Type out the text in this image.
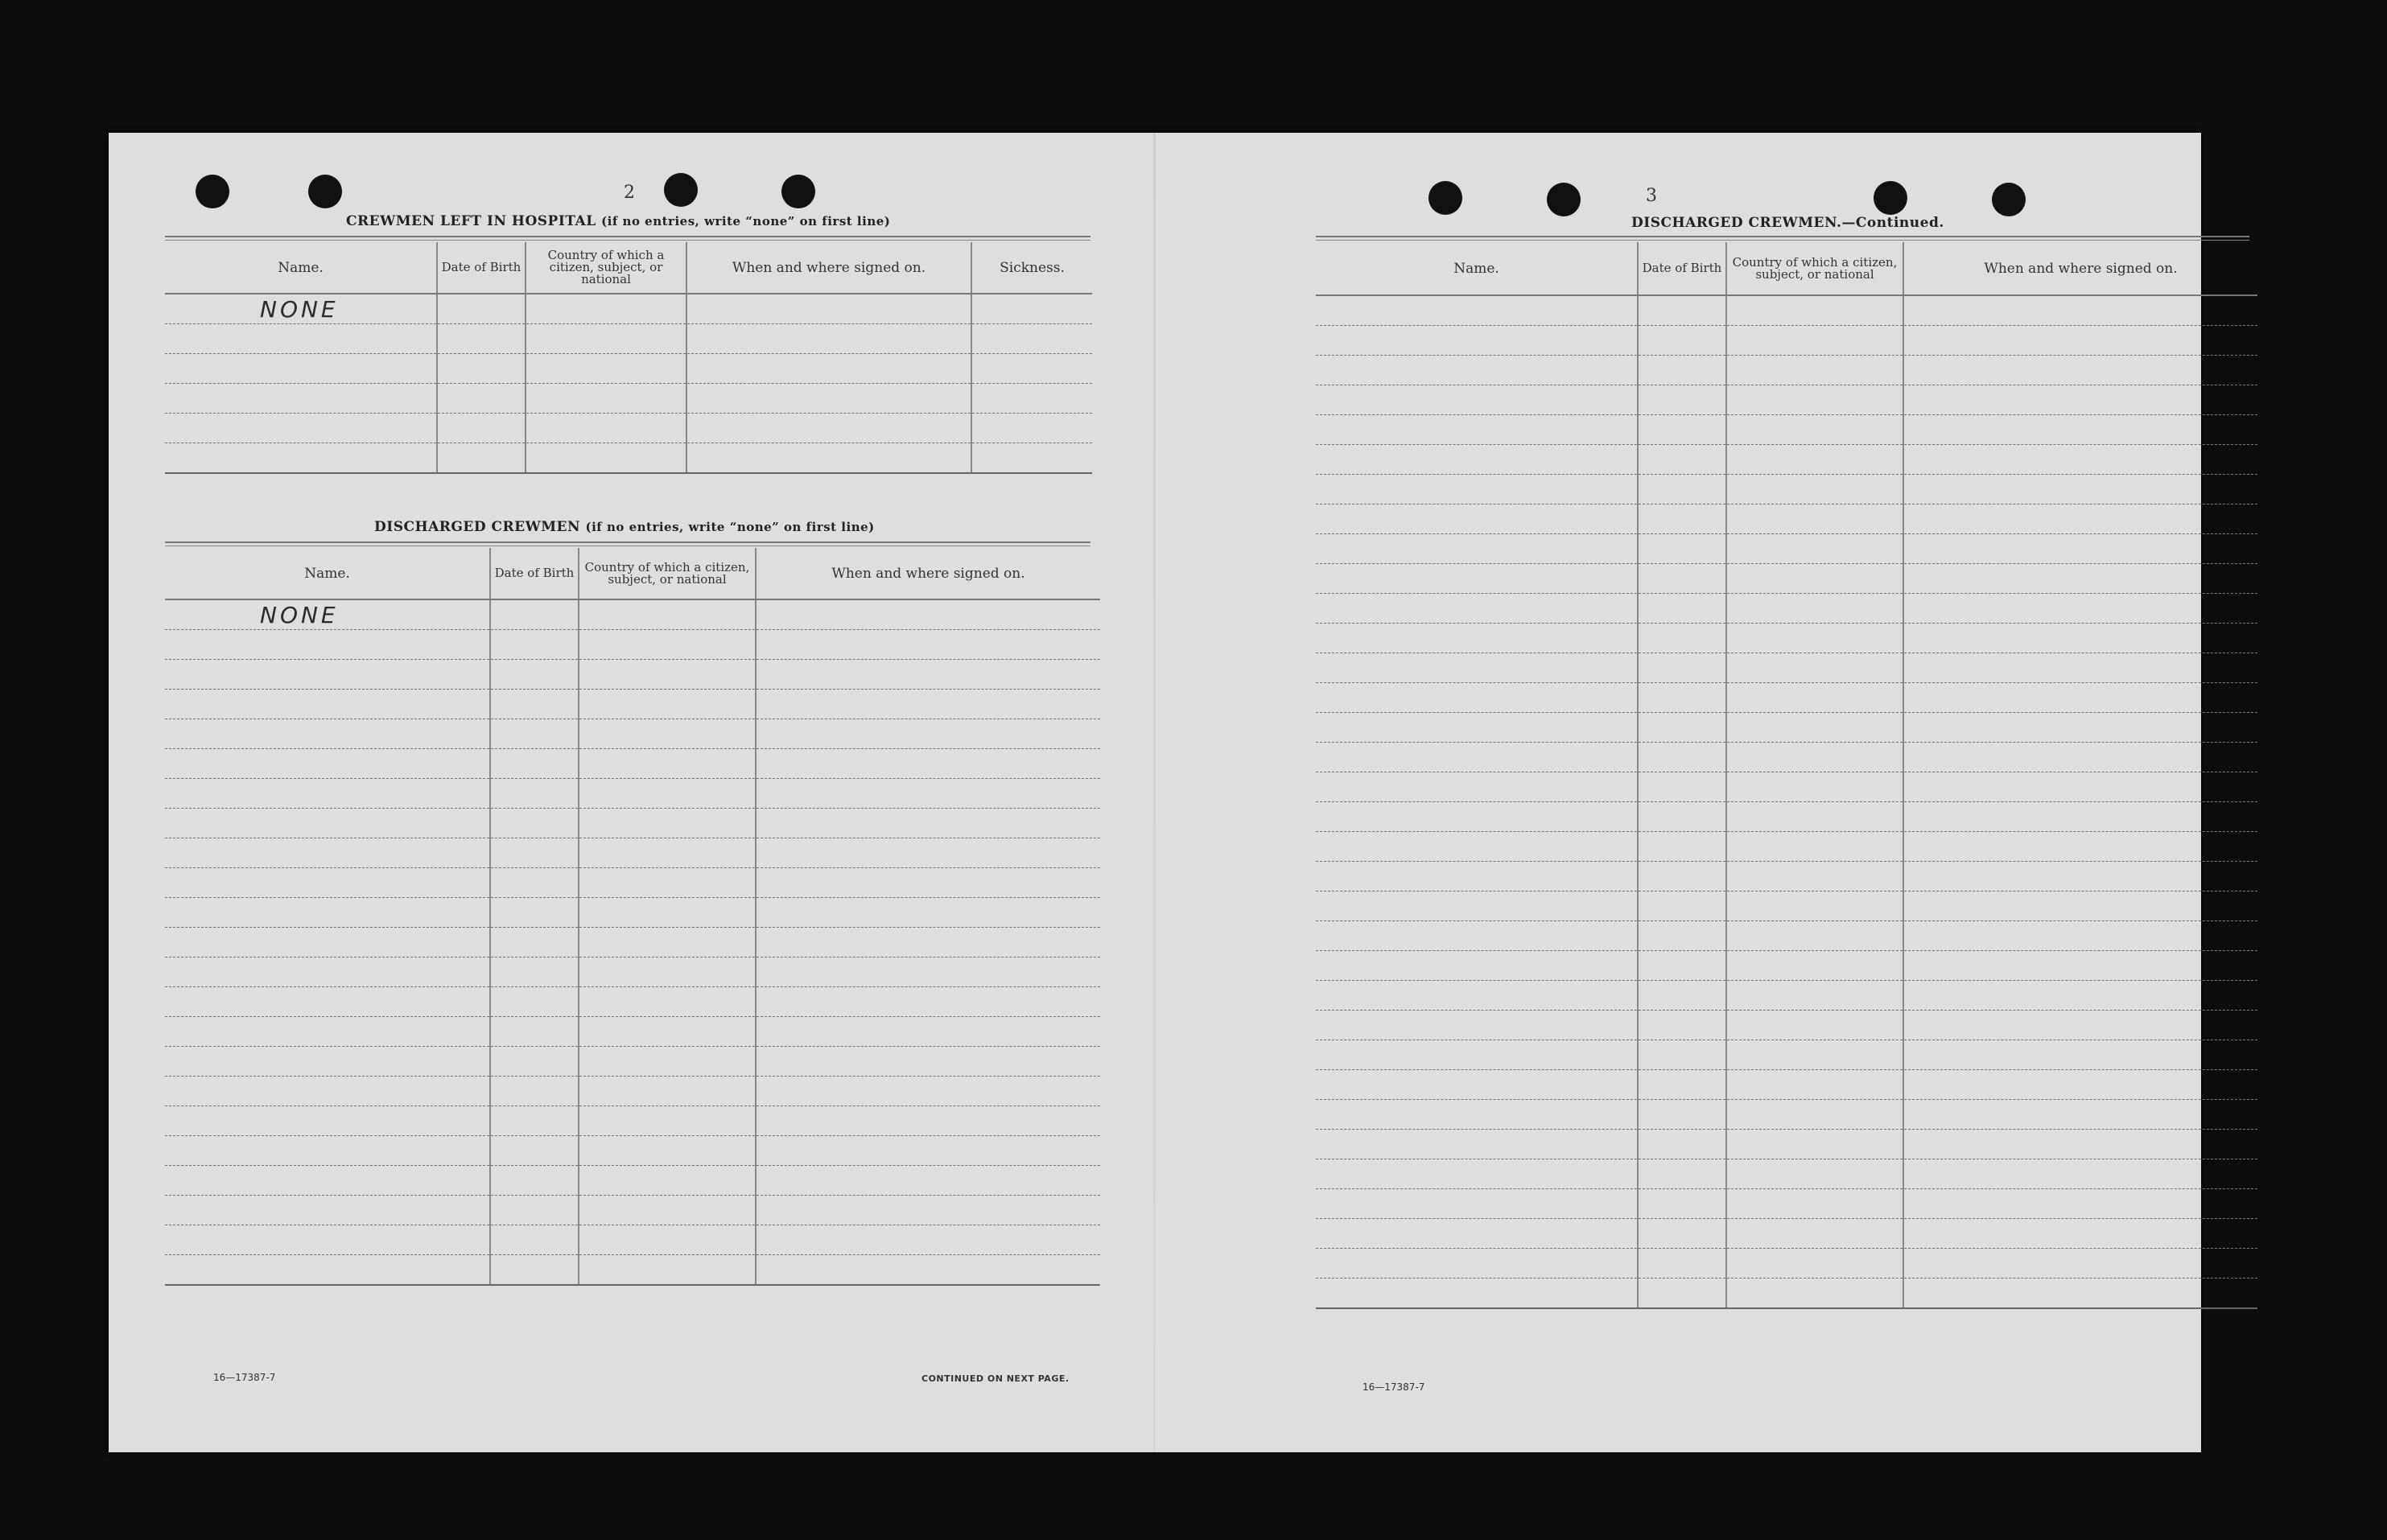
2
CREWMEN LEFT IN HOSPITAL (if no entries, write “none” on first line)
Name.	Date of Birth	Country of which a citizen, subject, or national	When and where signed on.	Sickness.
NONE				

DISCHARGED CREWMEN (if no entries, write “none” on first line)
Name.	Date of Birth	Country of which a citizen, subject, or national	When and where signed on.
NONE			

16—17387-7	CONTINUED ON NEXT PAGE.
3
DISCHARGED CREWMEN.—Continued.
Name.	Date of Birth	Country of which a citizen, subject, or national	When and where signed on.

16—17387-7
